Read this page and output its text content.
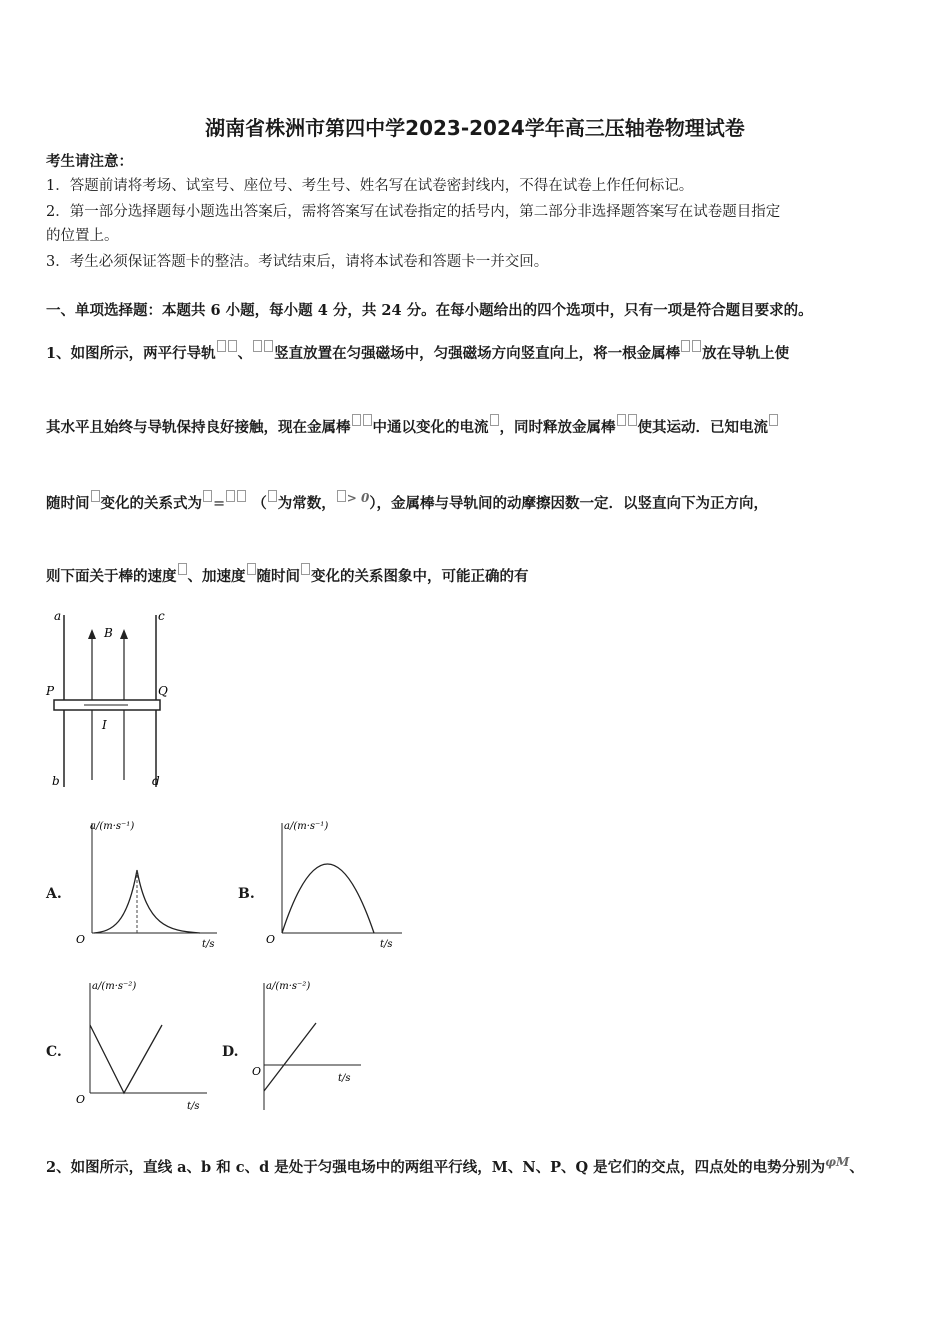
湖南省株洲市第四中学2023-2024学年高三压轴卷物理试卷
考生请注意：
1．答题前请将考场、试室号、座位号、考生号、姓名写在试卷密封线内，不得在试卷上作任何标记。
2．第一部分选择题每小题选出答案后，需将答案写在试卷指定的括号内，第二部分非选择题答案写在试卷题目指定
的位置上。
3．考生必须保证答题卡的整洁。考试结束后，请将本试卷和答题卡一并交回。
一、单项选择题：本题共 6 小题，每小题 4 分，共 24 分。在每小题给出的四个选项中，只有一项是符合题目要求的。
1、如图所示，两平行导轨 、 竖直放置在匀强磁场中，匀强磁场方向竖直向上，将一根金属棒 放在导轨上使
其水平且始终与导轨保持良好接触，现在金属棒 中通以变化的电流 ，同时释放金属棒 使其运动．已知电流
随时间 变化的关系式为 = （ 为常数， $^{> 0}$），金属棒与导轨间的动摩擦因数一定．以竖直向下为正方向，
则下面关于棒的速度 、加速度 随时间 变化的关系图象中，可能正确的有
a	c
B
P	Q
I
b	d
A.
a/(m·s⁻¹)
O	t/s
B.
a/(m·s⁻¹)
O	t/s
C.
a/(m·s⁻²)
O
t/s
D.
a/(m·s⁻²)
O
t/s
2、如图所示，直线 a、b 和 c、d 是处于匀强电场中的两组平行线，M、N、P、Q 是它们的交点，四点处的电势分别为$^{\varphi M}$、
